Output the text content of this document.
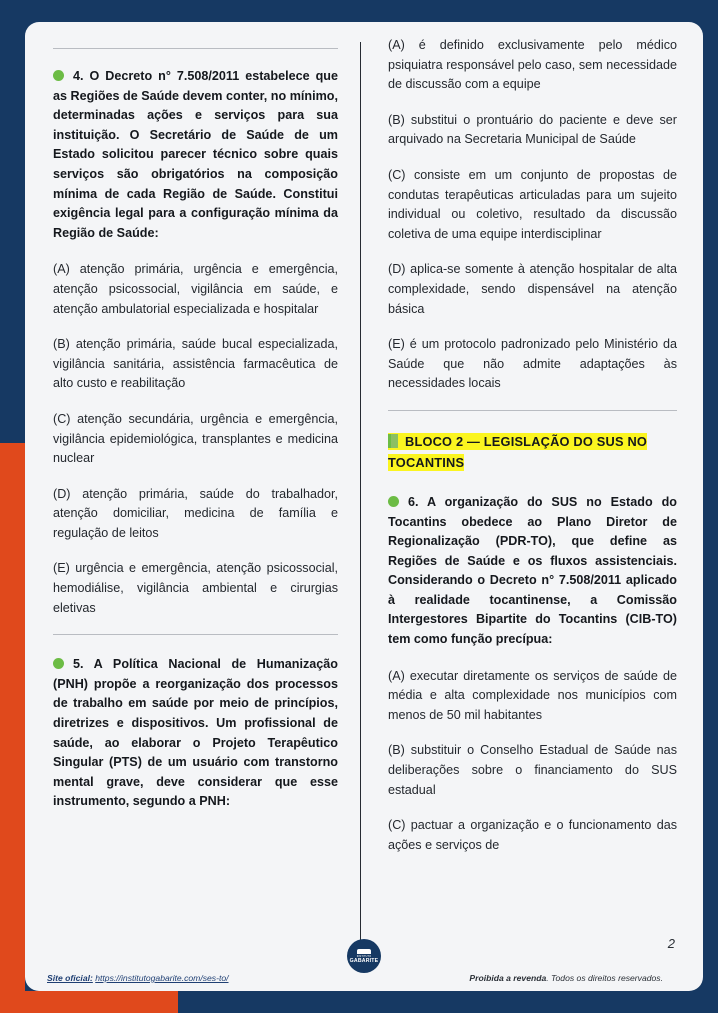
4. O Decreto n° 7.508/2011 estabelece que as Regiões de Saúde devem conter, no mínimo, determinadas ações e serviços para sua instituição. O Secretário de Saúde de um Estado solicitou parecer técnico sobre quais serviços são obrigatórios na composição mínima de cada Região de Saúde. Constitui exigência legal para a configuração mínima da Região de Saúde:
(A) atenção primária, urgência e emergência, atenção psicossocial, vigilância em saúde, e atenção ambulatorial especializada e hospitalar
(B) atenção primária, saúde bucal especializada, vigilância sanitária, assistência farmacêutica de alto custo e reabilitação
(C) atenção secundária, urgência e emergência, vigilância epidemiológica, transplantes e medicina nuclear
(D) atenção primária, saúde do trabalhador, atenção domiciliar, medicina de família e regulação de leitos
(E) urgência e emergência, atenção psicossocial, hemodiálise, vigilância ambiental e cirurgias eletivas
5. A Política Nacional de Humanização (PNH) propõe a reorganização dos processos de trabalho em saúde por meio de princípios, diretrizes e dispositivos. Um profissional de saúde, ao elaborar o Projeto Terapêutico Singular (PTS) de um usuário com transtorno mental grave, deve considerar que esse instrumento, segundo a PNH:
(A) é definido exclusivamente pelo médico psiquiatra responsável pelo caso, sem necessidade de discussão com a equipe
(B) substitui o prontuário do paciente e deve ser arquivado na Secretaria Municipal de Saúde
(C) consiste em um conjunto de propostas de condutas terapêuticas articuladas para um sujeito individual ou coletivo, resultado da discussão coletiva de uma equipe interdisciplinar
(D) aplica-se somente à atenção hospitalar de alta complexidade, sendo dispensável na atenção básica
(E) é um protocolo padronizado pelo Ministério da Saúde que não admite adaptações às necessidades locais
BLOCO 2 — LEGISLAÇÃO DO SUS NO TOCANTINS
6. A organização do SUS no Estado do Tocantins obedece ao Plano Diretor de Regionalização (PDR-TO), que define as Regiões de Saúde e os fluxos assistenciais. Considerando o Decreto n° 7.508/2011 aplicado à realidade tocantinense, a Comissão Intergestores Bipartite do Tocantins (CIB-TO) tem como função precípua:
(A) executar diretamente os serviços de saúde de média e alta complexidade nos municípios com menos de 50 mil habitantes
(B) substituir o Conselho Estadual de Saúde nas deliberações sobre o financiamento do SUS estadual
(C) pactuar a organização e o funcionamento das ações e serviços de
2
Site oficial: https://institutogabarite.com/ses-to/	Proibida a revenda. Todos os direitos reservados.
INSTITUTO
GABARITE
